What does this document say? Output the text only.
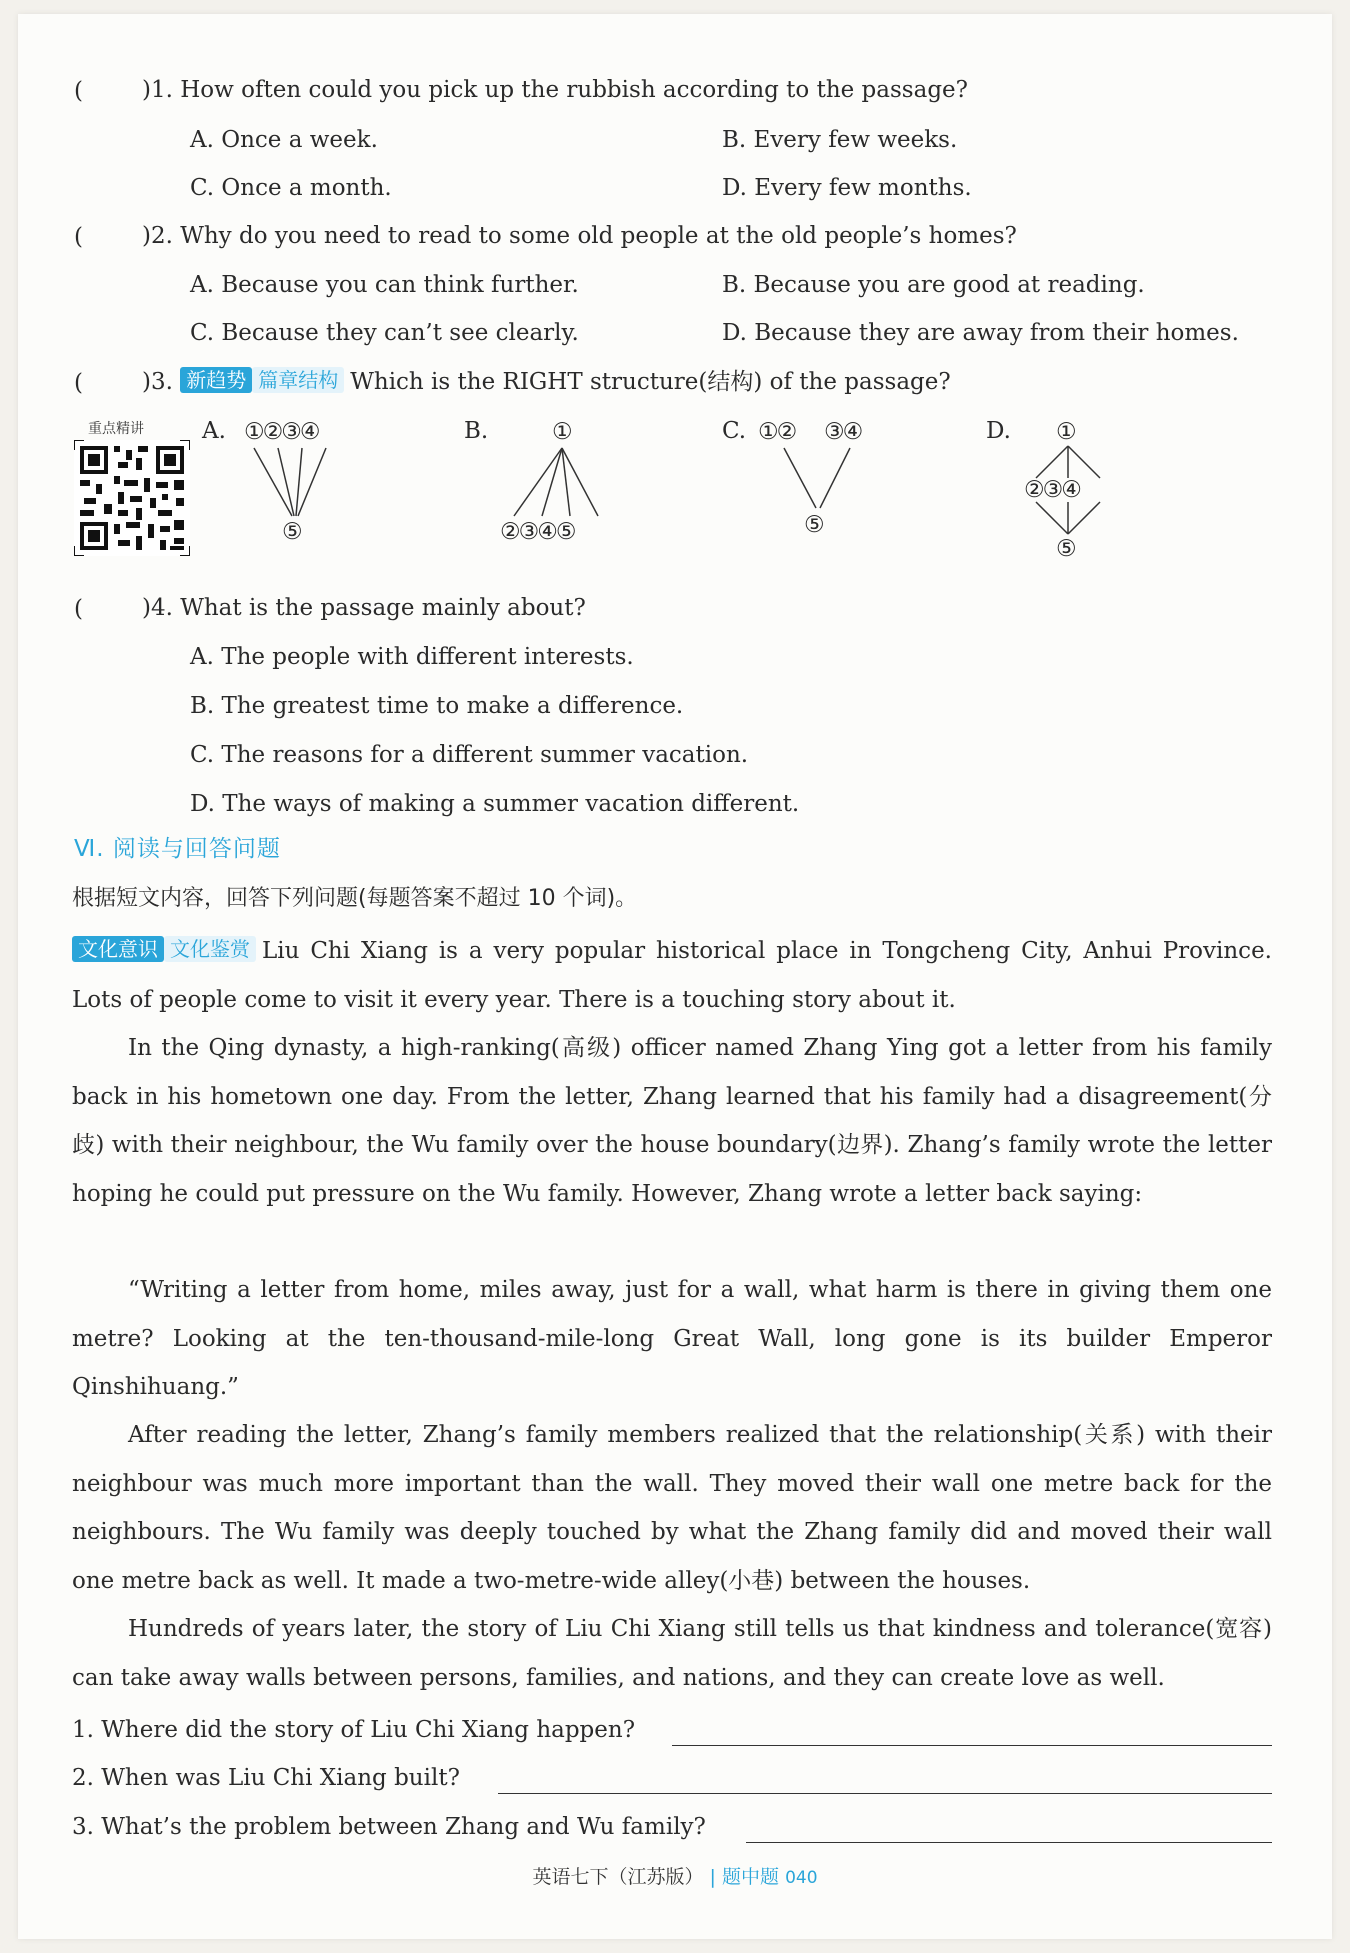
(	)1. How often could you pick up the rubbish according to the passage?
A. Once a week.	B. Every few weeks.
C. Once a month.	D. Every few months.
(	)2. Why do you need to read to some old people at the old people’s homes?
A. Because you can think further.	B. Because you are good at reading.
C. Because they can’t see clearly.	D. Because they are away from their homes.
(	)3. 新趋势 篇章结构 Which is the RIGHT structure(结构) of the passage?
重点精讲	A. ①②③④
⑤
B.	①
②③④⑤
C. ①② ③④
⑤
D. ①
②③④
⑤
(	)4. What is the passage mainly about?
A. The people with different interests.
B. The greatest time to make a difference.
C. The reasons for a different summer vacation.
D. The ways of making a summer vacation different.
Ⅵ. 阅读与回答问题
根据短文内容，回答下列问题(每题答案不超过 10 个词)。
文化意识 文化鉴赏 Liu Chi Xiang is a very popular historical place in Tongcheng City, Anhui Province. Lots of people come to visit it every year. There is a touching story about it.
In the Qing dynasty, a high-ranking(高级) officer named Zhang Ying got a letter from his family back in his hometown one day. From the letter, Zhang learned that his family had a disagreement(分歧) with their neighbour, the Wu family over the house boundary(边界). Zhang’s family wrote the letter hoping he could put pressure on the Wu family. However, Zhang wrote a letter back saying:
“Writing a letter from home, miles away, just for a wall, what harm is there in giving them one metre? Looking at the ten-thousand-mile-long Great Wall, long gone is its builder Emperor Qinshihuang.”
After reading the letter, Zhang’s family members realized that the relationship(关系) with their neighbour was much more important than the wall. They moved their wall one metre back for the neighbours. The Wu family was deeply touched by what the Zhang family did and moved their wall one metre back as well. It made a two-metre-wide alley(小巷) between the houses.
Hundreds of years later, the story of Liu Chi Xiang still tells us that kindness and tolerance(宽容) can take away walls between persons, families, and nations, and they can create love as well.
1. Where did the story of Liu Chi Xiang happen?
2. When was Liu Chi Xiang built?
3. What’s the problem between Zhang and Wu family?
英语七下（江苏版） | 题中题 040
